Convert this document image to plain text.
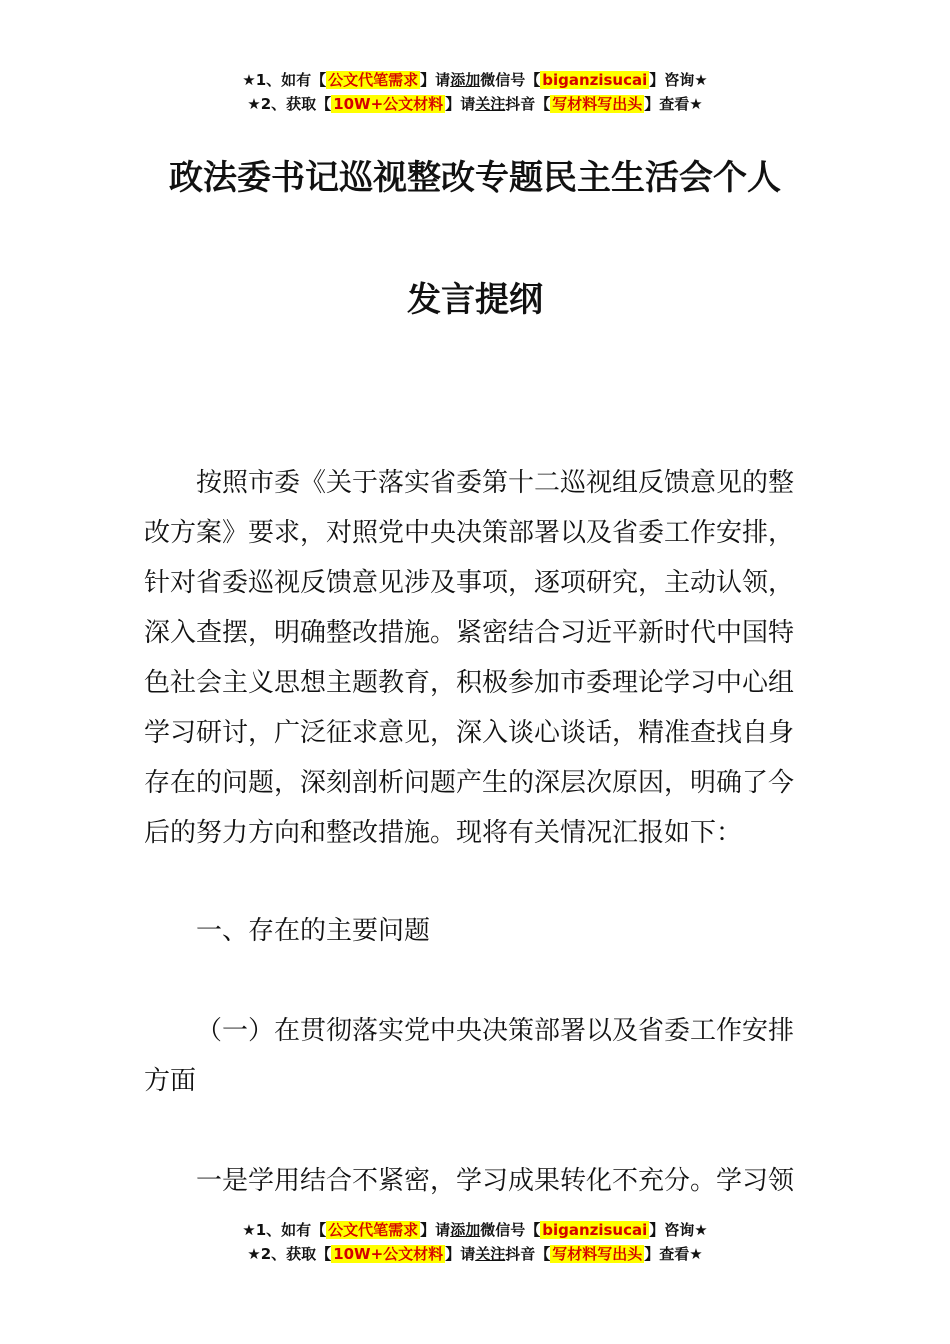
★1、如有【 公文代笔需求 】请添加微信号【 biganzisucai 】咨询★
★2、获取【 10W+公文材料 】请关注抖音【 写材料写出头 】查看★
政法委书记巡视整改专题民主生活会个人
发言提纲
按照市委《关于落实省委第十二巡视组反馈意见的整
改方案》要求，对照党中央决策部署以及省委工作安排，
针对省委巡视反馈意见涉及事项，逐项研究，主动认领，
深入查摆，明确整改措施。紧密结合习近平新时代中国特
色社会主义思想主题教育，积极参加市委理论学习中心组
学习研讨，广泛征求意见，深入谈心谈话，精准查找自身
存在的问题，深刻剖析问题产生的深层次原因，明确了今
后的努力方向和整改措施。现将有关情况汇报如下：
一、存在的主要问题
（一）在贯彻落实党中央决策部署以及省委工作安排
方面
一是学用结合不紧密，学习成果转化不充分。学习领
★1、如有【 公文代笔需求 】请添加微信号【 biganzisucai 】咨询★
★2、获取【 10W+公文材料 】请关注抖音【 写材料写出头 】查看★
